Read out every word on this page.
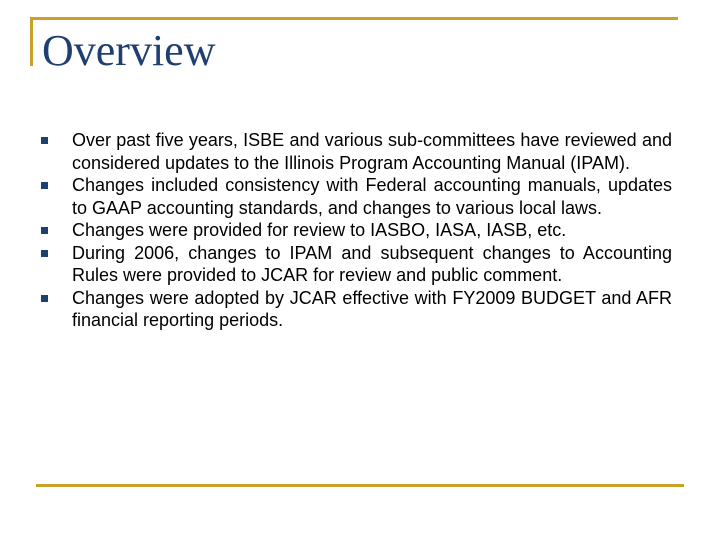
Overview
Over past five years, ISBE and various sub-committees have reviewed and considered updates to the Illinois Program Accounting Manual (IPAM).
Changes included consistency with Federal accounting manuals, updates to GAAP accounting standards, and changes to various local laws.
Changes were provided for review to IASBO, IASA, IASB, etc.
During 2006, changes to IPAM and subsequent changes to Accounting Rules were provided to JCAR for review and public comment.
Changes were adopted by JCAR effective with FY2009 BUDGET and AFR financial reporting periods.
